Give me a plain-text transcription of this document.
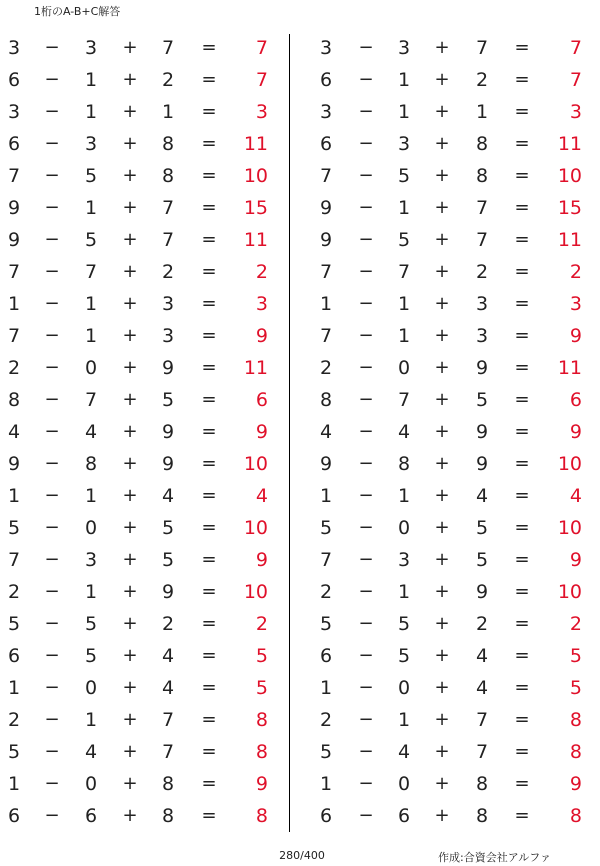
1桁のA-B+C解答
3	−	3	+	7	=	7	3	−	3	+	7	=	7
6	−	1	+	2	=	7	6	−	1	+	2	=	7
3	−	1	+	1	=	3	3	−	1	+	1	=	3
6	−	3	+	8	=	11	6	−	3	+	8	=	11
7	−	5	+	8	=	10	7	−	5	+	8	=	10
9	−	1	+	7	=	15	9	−	1	+	7	=	15
9	−	5	+	7	=	11	9	−	5	+	7	=	11
7	−	7	+	2	=	2	7	−	7	+	2	=	2
1	−	1	+	3	=	3	1	−	1	+	3	=	3
7	−	1	+	3	=	9	7	−	1	+	3	=	9
2	−	0	+	9	=	11	2	−	0	+	9	=	11
8	−	7	+	5	=	6	8	−	7	+	5	=	6
4	−	4	+	9	=	9	4	−	4	+	9	=	9
9	−	8	+	9	=	10	9	−	8	+	9	=	10
1	−	1	+	4	=	4	1	−	1	+	4	=	4
5	−	0	+	5	=	10	5	−	0	+	5	=	10
7	−	3	+	5	=	9	7	−	3	+	5	=	9
2	−	1	+	9	=	10	2	−	1	+	9	=	10
5	−	5	+	2	=	2	5	−	5	+	2	=	2
6	−	5	+	4	=	5	6	−	5	+	4	=	5
1	−	0	+	4	=	5	1	−	0	+	4	=	5
2	−	1	+	7	=	8	2	−	1	+	7	=	8
5	−	4	+	7	=	8	5	−	4	+	7	=	8
1	−	0	+	8	=	9	1	−	0	+	8	=	9
6	−	6	+	8	=	8	6	−	6	+	8	=	8
280/400	作成:合資会社アルファ
